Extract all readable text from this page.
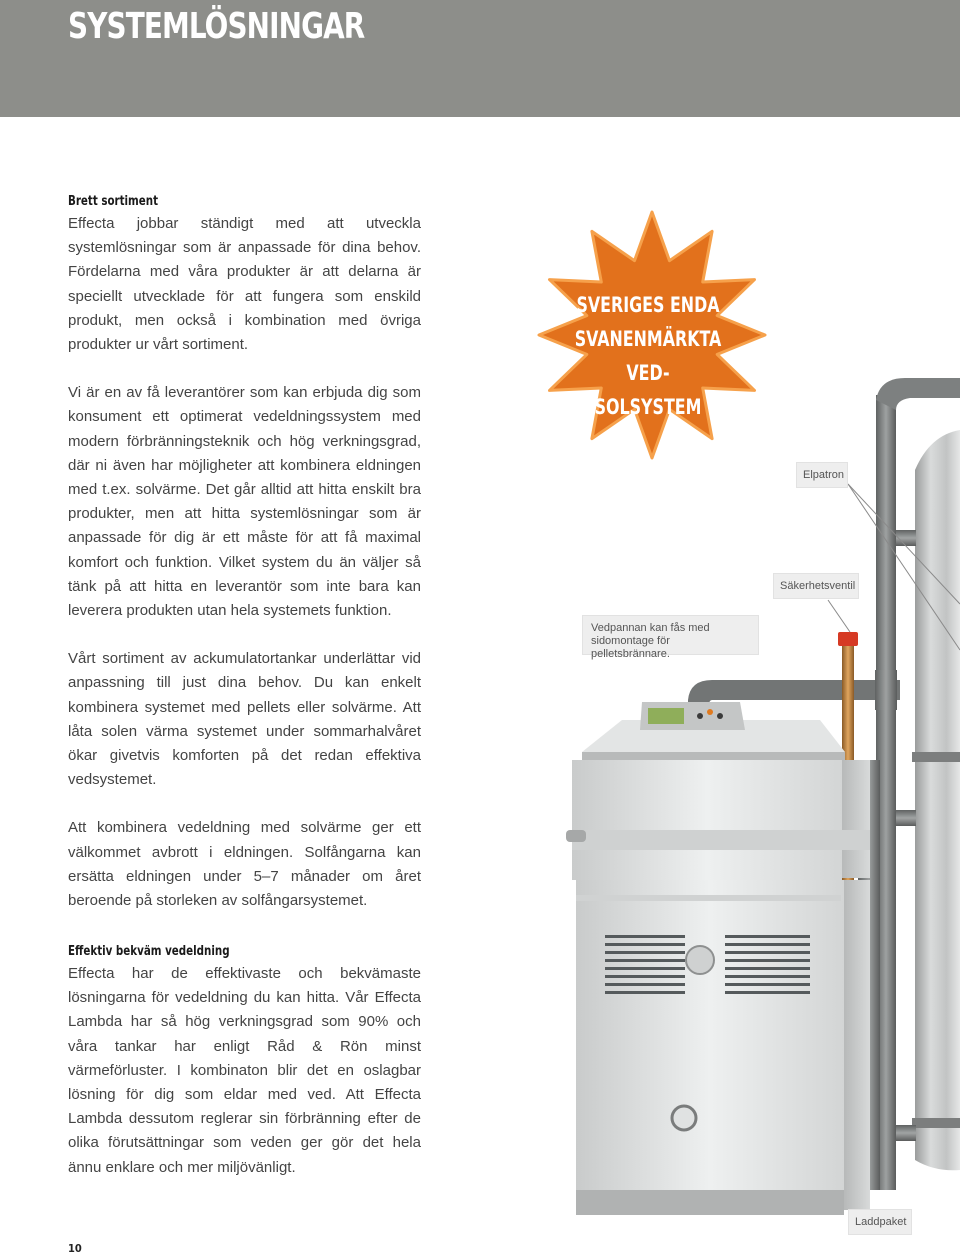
SYSTEMLÖSNINGAR
SVERIGES ENDA
SVANENMÄRKTA
VED-SOLSYSTEM
Elpatron
Säkerhetsventil
Vedpannan kan fås med
sidomontage för pelletsbrännare.
Laddpaket
Brett sortiment

Effecta jobbar ständigt med att utveckla systemlösningar som är anpassade för dina behov. Fördelarna med våra produkter är att delarna är speciellt utvecklade för att fungera som enskild produkt, men också i kombination med övriga produkter ur vårt sortiment.

Vi är en av få leverantörer som kan erbjuda dig som konsument ett optimerat vedeldningssystem med modern förbränningsteknik och hög verkningsgrad, där ni även har möjligheter att kombinera eldningen med t.ex. solvärme. Det går alltid att hitta enskilt bra produkter, men att hitta systemlösningar som är anpassade för dig är ett måste för att få maximal komfort och funktion. Vilket system du än väljer så tänk på att hitta en leverantör som inte bara kan leverera produkten utan hela systemets funktion.

Vårt sortiment av ackumulatortankar underlättar vid anpassning till just dina behov. Du kan enkelt kombinera systemet med pellets eller solvärme. Att låta solen värma systemet under sommarhalvåret ökar givetvis komforten på det redan effektiva vedsystemet.

Att kombinera vedeldning med solvärme ger ett välkommet avbrott i eldningen. Solfångarna kan ersätta eldningen under 5–7 månader om året beroende på storleken av solfångarsystemet.

Effektiv bekväm vedeldning

Effecta har de effektivaste och bekvämaste lösningarna för vedeldning du kan hitta. Vår Effecta Lambda har så hög verkningsgrad som 90% och våra tankar har enligt Råd & Rön minst värmeförluster. I kombinaton blir det en oslagbar lösning för dig som eldar med ved. Att Effecta Lambda dessutom reglerar sin förbränning efter de olika förutsättningar som veden ger gör det hela ännu enklare och mer miljövänligt.

10
